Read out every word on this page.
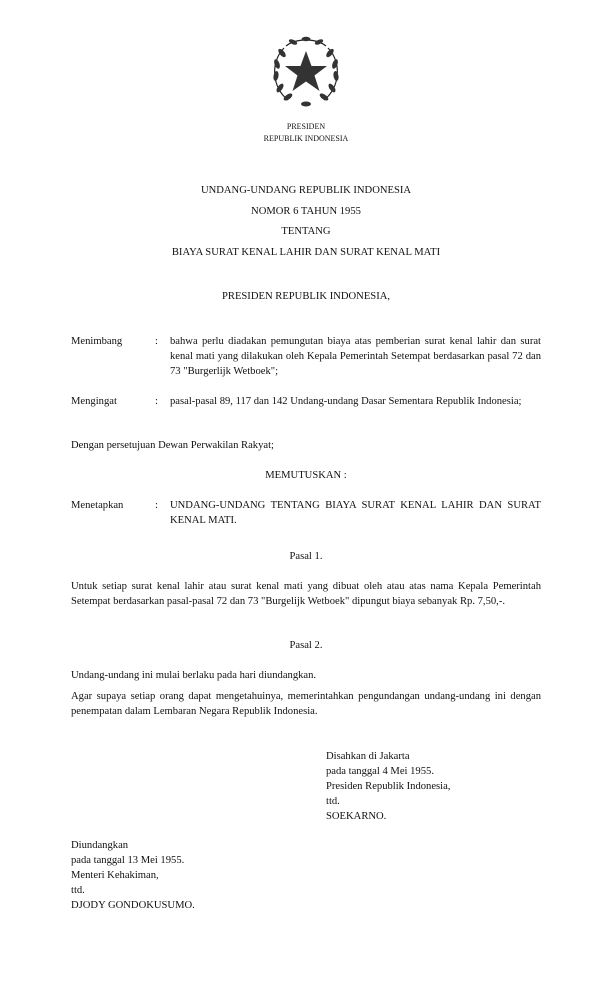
PRESIDEN
REPUBLIK INDONESIA
UNDANG-UNDANG REPUBLIK INDONESIA
NOMOR 6 TAHUN 1955
TENTANG
BIAYA SURAT KENAL LAHIR DAN SURAT KENAL MATI
PRESIDEN REPUBLIK INDONESIA,
Menimbang	: bahwa perlu diadakan pemungutan biaya atas pemberian surat kenal lahir dan surat kenal mati yang dilakukan oleh Kepala Pemerintah Setempat berdasarkan pasal 72 dan 73 "Burgerlijk Wetboek";
Mengingat	: pasal-pasal 89, 117 dan 142 Undang-undang Dasar Sementara Republik Indonesia;
Dengan persetujuan Dewan Perwakilan Rakyat;
MEMUTUSKAN :
Menetapkan	: UNDANG-UNDANG TENTANG BIAYA SURAT KENAL LAHIR DAN SURAT KENAL MATI.
Pasal 1.
Untuk setiap surat kenal lahir atau surat kenal mati yang dibuat oleh atau atas nama Kepala Pemerintah Setempat berdasarkan pasal-pasal 72 dan 73 "Burgelijk Wetboek" dipungut biaya sebanyak Rp. 7,50,-.
Pasal 2.
Undang-undang ini mulai berlaku pada hari diundangkan.
Agar supaya setiap orang dapat mengetahuinya, memerintahkan pengundangan undang-undang ini dengan penempatan dalam Lembaran Negara Republik Indonesia.
Disahkan di Jakarta
pada tanggal 4 Mei 1955.
Presiden Republik Indonesia,
ttd.
SOEKARNO.
Diundangkan
pada tanggal 13 Mei 1955.
Menteri Kehakiman,
ttd.
DJODY GONDOKUSUMO.
